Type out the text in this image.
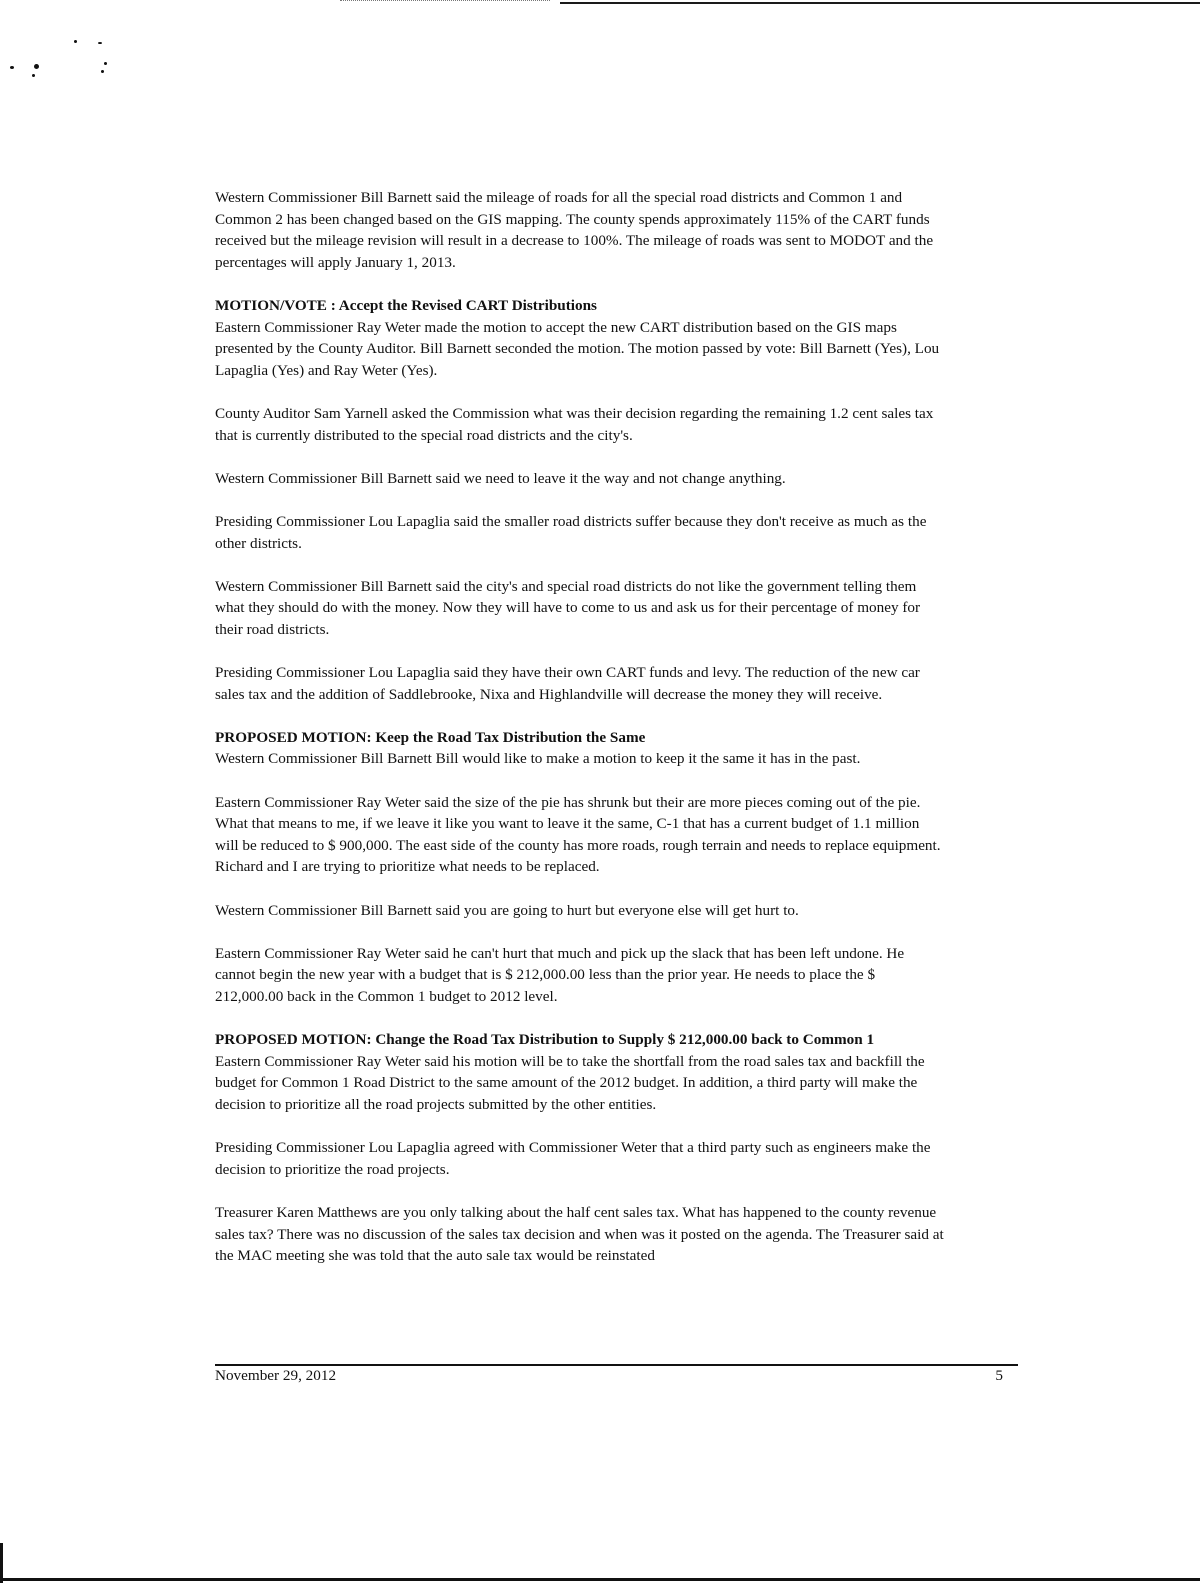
Western Commissioner Bill Barnett said the mileage of roads for all the special road districts and Common 1 and Common 2 has been changed based on the GIS mapping. The county spends approximately 115% of the CART funds received but the mileage revision will result in a decrease to 100%. The mileage of roads was sent to MODOT and the percentages will apply January 1, 2013.

MOTION/VOTE : Accept the Revised CART Distributions

Eastern Commissioner Ray Weter made the motion to accept the new CART distribution based on the GIS maps presented by the County Auditor. Bill Barnett seconded the motion. The motion passed by vote: Bill Barnett (Yes), Lou Lapaglia (Yes) and Ray Weter (Yes).

County Auditor Sam Yarnell asked the Commission what was their decision regarding the remaining 1.2 cent sales tax that is currently distributed to the special road districts and the city's.

Western Commissioner Bill Barnett said we need to leave it the way and not change anything.

Presiding Commissioner Lou Lapaglia said the smaller road districts suffer because they don't receive as much as the other districts.

Western Commissioner Bill Barnett said the city's and special road districts do not like the government telling them what they should do with the money. Now they will have to come to us and ask us for their percentage of money for their road districts.

Presiding Commissioner Lou Lapaglia said they have their own CART funds and levy. The reduction of the new car sales tax and the addition of Saddlebrooke, Nixa and Highlandville will decrease the money they will receive.

PROPOSED MOTION: Keep the Road Tax Distribution the Same

Western Commissioner Bill Barnett Bill would like to make a motion to keep it the same it has in the past.

Eastern Commissioner Ray Weter said the size of the pie has shrunk but their are more pieces coming out of the pie. What that means to me, if we leave it like you want to leave it the same, C-1 that has a current budget of 1.1 million will be reduced to $ 900,000. The east side of the county has more roads, rough terrain and needs to replace equipment. Richard and I are trying to prioritize what needs to be replaced.

Western Commissioner Bill Barnett said you are going to hurt but everyone else will get hurt to.

Eastern Commissioner Ray Weter said he can't hurt that much and pick up the slack that has been left undone. He cannot begin the new year with a budget that is $ 212,000.00 less than the prior year. He needs to place the $ 212,000.00 back in the Common 1 budget to 2012 level.

PROPOSED MOTION: Change the Road Tax Distribution to Supply $ 212,000.00 back to Common 1

Eastern Commissioner Ray Weter said his motion will be to take the shortfall from the road sales tax and backfill the budget for Common 1 Road District to the same amount of the 2012 budget. In addition, a third party will make the decision to prioritize all the road projects submitted by the other entities.

Presiding Commissioner Lou Lapaglia agreed with Commissioner Weter that a third party such as engineers make the decision to prioritize the road projects.

Treasurer Karen Matthews are you only talking about the half cent sales tax. What has happened to the county revenue sales tax? There was no discussion of the sales tax decision and when was it posted on the agenda. The Treasurer said at the MAC meeting she was told that the auto sale tax would be reinstated

November 29, 2012	5
